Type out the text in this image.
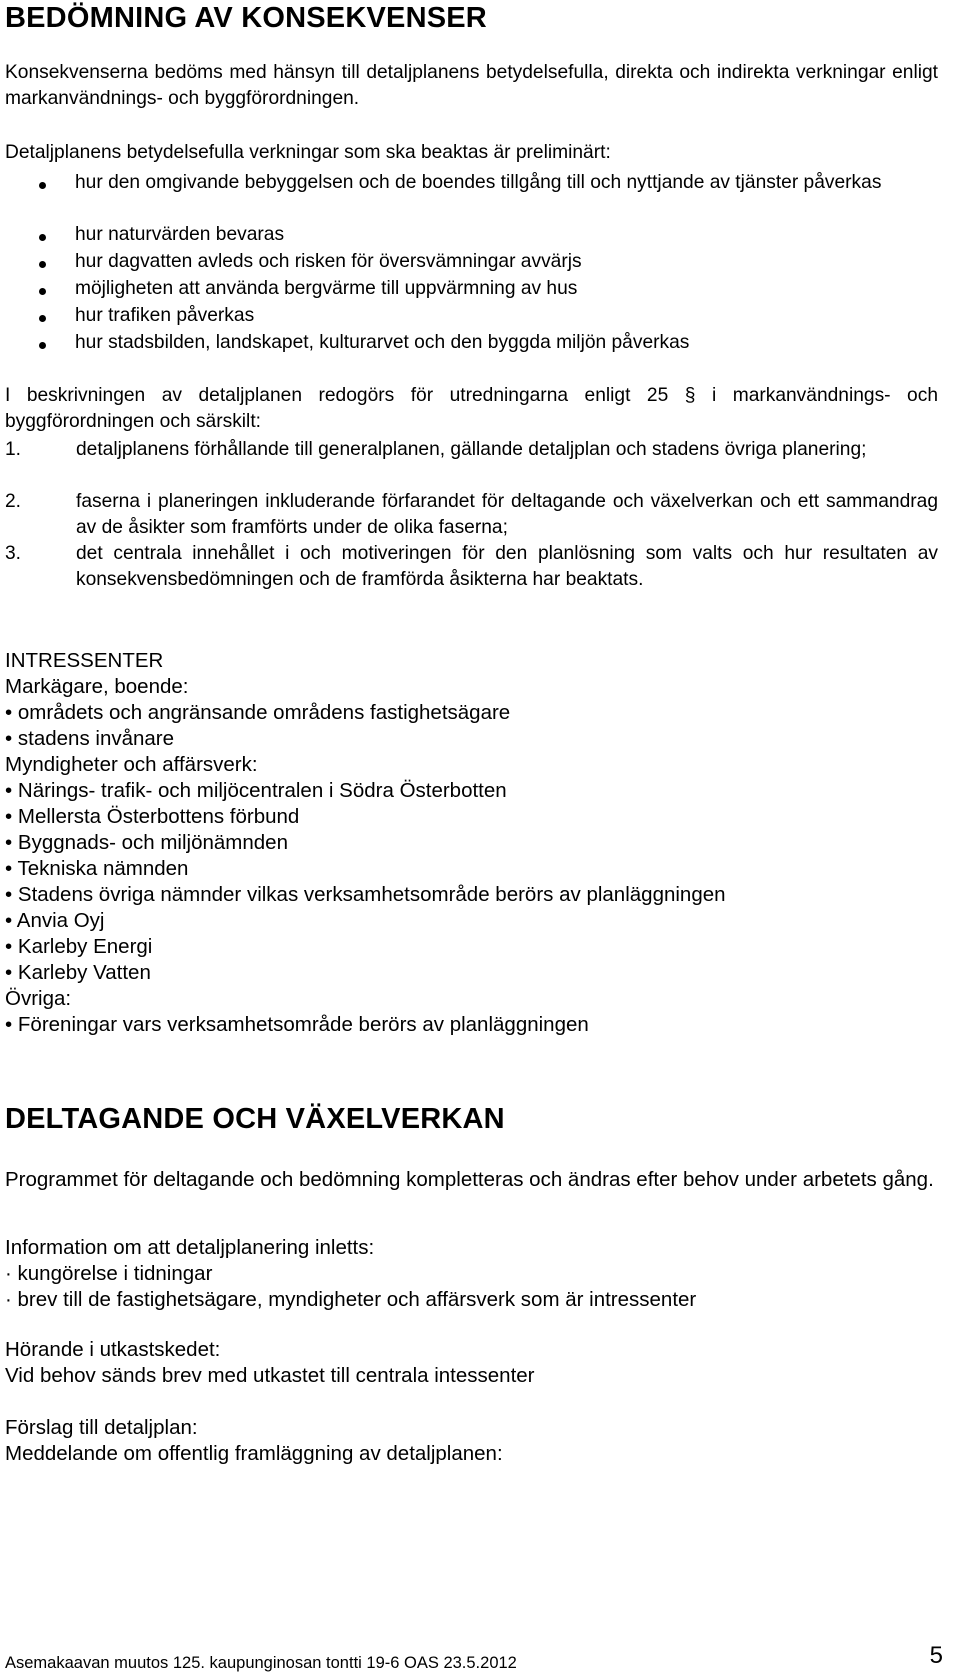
BEDÖMNING AV KONSEKVENSER
Konsekvenserna bedöms med hänsyn till detaljplanens betydelsefulla, direkta och indirekta verkningar enligt markanvändnings- och byggförordningen.
Detaljplanens betydelsefulla verkningar som ska beaktas är preliminärt:
hur den omgivande bebyggelsen och de boendes tillgång till och nyttjande av tjänster påverkas
hur naturvärden bevaras
hur dagvatten avleds och risken för översvämningar avvärjs
möjligheten att använda bergvärme till uppvärmning av hus
hur trafiken påverkas
hur stadsbilden, landskapet, kulturarvet och den byggda miljön påverkas
I beskrivningen av detaljplanen redogörs för utredningarna enligt 25 § i markanvändnings- och byggförordningen och särskilt:
1.	detaljplanens förhållande till generalplanen, gällande detaljplan och stadens övriga planering;
2.	faserna i planeringen inkluderande förfarandet för deltagande och växelverkan och ett sammandrag av de åsikter som framförts under de olika faserna;
3.	det centrala innehållet i och motiveringen för den planlösning som valts och hur resultaten av konsekvensbedömningen och de framförda åsikterna har beaktats.
INTRESSENTER
Markägare, boende:
• områdets och angränsande områdens fastighetsägare
• stadens invånare
Myndigheter och affärsverk:
• Närings- trafik- och miljöcentralen i Södra Österbotten
• Mellersta Österbottens förbund
• Byggnads- och miljönämnden
• Tekniska nämnden
• Stadens övriga nämnder vilkas verksamhetsområde berörs av planläggningen
• Anvia Oyj
• Karleby Energi
• Karleby Vatten
Övriga:
• Föreningar vars verksamhetsområde berörs av planläggningen
DELTAGANDE OCH VÄXELVERKAN
Programmet för deltagande och bedömning kompletteras och ändras efter behov under arbetets gång.
Information om att detaljplanering inletts:
· kungörelse i tidningar
· brev till de fastighetsägare, myndigheter och affärsverk som är intressenter
Hörande i utkastskedet:
Vid behov sänds brev med utkastet till centrala intessenter
Förslag till detaljplan:
Meddelande om offentlig framläggning av detaljplanen:
Asemakaavan muutos 125. kaupunginosan tontti 19-6 OAS 23.5.2012	5
